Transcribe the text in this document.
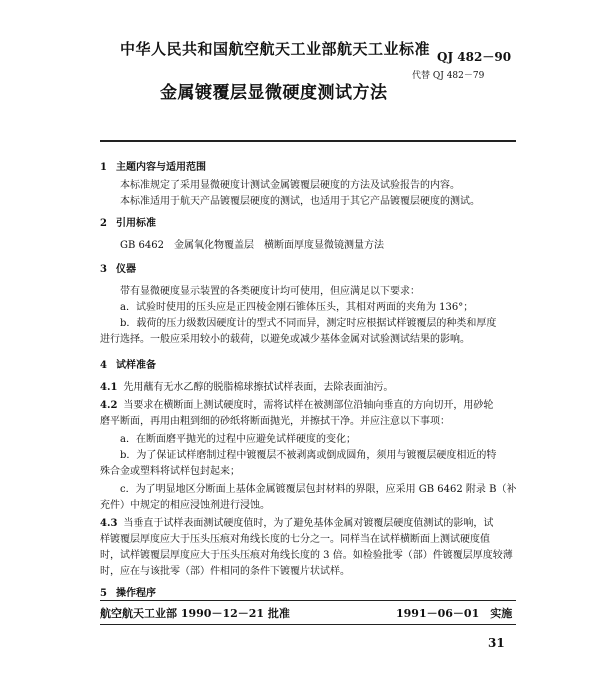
中华人民共和国航空航天工业部航天工业标准 QJ 482－90
代替 QJ 482－79
金属镀覆层显微硬度测试方法
1 主题内容与适用范围
本标准规定了采用显微硬度计测试金属镀覆层硬度的方法及试验报告的内容。
本标准适用于航天产品镀覆层硬度的测试，也适用于其它产品镀覆层硬度的测试。
2 引用标准
GB 6462　金属氧化物覆盖层　横断面厚度显微镜测量方法
3 仪器
带有显微硬度显示装置的各类硬度计均可使用，但应满足以下要求：
a．试验时使用的压头应是正四棱金刚石锥体压头，其相对两面的夹角为 136°；
b．载荷的压力级数因硬度计的型式不同而异，测定时应根据试样镀覆层的种类和厚度
进行选择。一般应采用较小的载荷，以避免或减少基体金属对试验测试结果的影响。
4 试样准备
4.1 先用蘸有无水乙醇的脱脂棉球擦拭试样表面，去除表面油污。
4.2 当要求在横断面上测试硬度时，需将试样在被测部位沿轴向垂直的方向切开，用砂轮
磨平断面，再用由粗到细的砂纸将断面抛光，并擦拭干净。并应注意以下事项：
a．在断面磨平抛光的过程中应避免试样硬度的变化；
b．为了保证试样磨制过程中镀覆层不被剥离或倒成圆角，须用与镀覆层硬度相近的特
殊合金或塑料将试样包封起来；
c．为了明显地区分断面上基体金属镀覆层包封材料的界限，应采用 GB 6462 附录 B（补
充件）中规定的相应浸蚀剂进行浸蚀。
4.3 当垂直于试样表面测试硬度值时，为了避免基体金属对镀覆层硬度值测试的影响，试
样镀覆层厚度应大于压头压痕对角线长度的七分之一。同样当在试样横断面上测试硬度值
时，试样镀覆层厚度应大于压头压痕对角线长度的 3 倍。如检验批零（部）件镀覆层厚度较薄
时，应在与该批零（部）件相同的条件下镀覆片状试样。
5 操作程序
航空航天工业部 1990－12－21 批准	1991－06－01　实施
31
